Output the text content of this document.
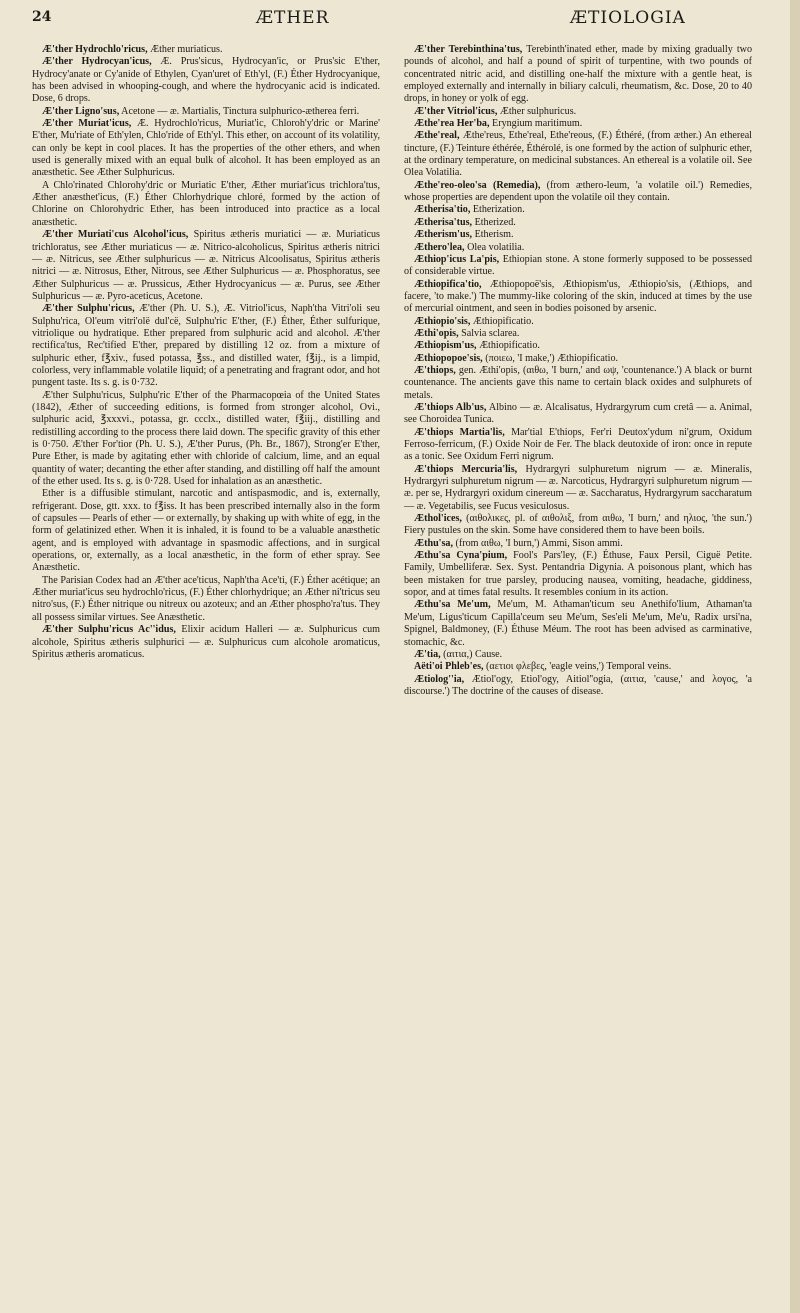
24	ÆTHER	ÆTIOLOGIA

Æ'ther Hydrochlo'ricus, Æther muriaticus.

Æ'ther Hydrocyan'icus, Æ. Prus'sicus, Hydrocyan'ic, or Prus'sic E'ther, Hydrocy'anate or Cy'anide of Ethylen, Cyan'uret of Eth'yl, (F.) Éther Hydrocyanique, has been advised in whooping-cough, and where the hydrocyanic acid is indicated. Dose, 6 drops.

Æ'ther Ligno'sus, Acetone — æ. Martialis, Tinctura sulphurico-ætherea ferri.

Æ'ther Muriat'icus, Æ. Hydrochlo'ricus, Muriat'ic, Chloroh'y'dric or Marine' E'ther, Mu'riate of Eth'ylen, Chlo'ride of Eth'yl. This ether, on account of its volatility, can only be kept in cool places. It has the properties of the other ethers, and when used is generally mixed with an equal bulk of alcohol. It has been employed as an anæsthetic. See Æther Sulphuricus.

A Chlo'rinated Chlorohy'dric or Muriatic E'ther, Æther muriat'icus trichlora'tus, Æther anæsthet'icus, (F.) Éther Chlorhydrique chloré, formed by the action of Chlorine on Chlorohydric Ether, has been introduced into practice as a local anæsthetic.

Æ'ther Muriati'cus Alcohol'icus, Spiritus ætheris muriatici — æ. Muriaticus trichloratus, see Æther muriaticus — æ. Nitrico-alcoholicus, Spiritus ætheris nitrici — æ. Nitricus, see Æther sulphuricus — æ. Nitricus Alcoolisatus, Spiritus ætheris nitrici — æ. Nitrosus, Ether, Nitrous, see Æther Sulphuricus — æ. Phosphoratus, see Æther Sulphuricus — æ. Prussicus, Æther Hydrocyanicus — æ. Purus, see Æther Sulphuricus — æ. Pyro-aceticus, Acetone.

Æ'ther Sulphu'ricus, Æ'ther (Ph. U. S.), Æ. Vitriol'icus, Naph'tha Vitri'oli seu Sulphu'rica, Ol'eum vitri'olë dul'cë, Sulphu'ric E'ther, (F.) Éther, Éther sulfurique, vitriolique ou hydratique. Ether prepared from sulphuric acid and alcohol. Æ'ther rectifica'tus, Rec'tified E'ther, prepared by distilling 12 oz. from a mixture of sulphuric ether, f℥xiv., fused potassa, ℥ss., and distilled water, f℥ij., is a limpid, colorless, very inflammable volatile liquid; of a penetrating and fragrant odor, and hot pungent taste. Its s. g. is 0·732.

Æ'ther Sulphu'ricus, Sulphu'ric E'ther of the Pharmacopœia of the United States (1842), Æther of succeeding editions, is formed from stronger alcohol, Ovi., sulphuric acid, ℥xxxvi., potassa, gr. ccclx., distilled water, f℥iij., distilling and redistilling according to the process there laid down. The specific gravity of this ether is 0·750. Æ'ther For'tior (Ph. U. S.), Æ'ther Purus, (Ph. Br., 1867), Strong'er E'ther, Pure Ether, is made by agitating ether with chloride of calcium, lime, and an equal quantity of water; decanting the ether after standing, and distilling off half the amount of the ether used. Its s. g. is 0·728. Used for inhalation as an anæsthetic.

Ether is a diffusible stimulant, narcotic and antispasmodic, and is, externally, refrigerant. Dose, gtt. xxx. to f℥iss. It has been prescribed internally also in the form of capsules — Pearls of ether — or externally, by shaking up with white of egg, in the form of gelatinized ether. When it is inhaled, it is found to be a valuable anæsthetic agent, and is employed with advantage in spasmodic affections, and in surgical operations, or, externally, as a local anæsthetic, in the form of ether spray. See Anæsthetic.

The Parisian Codex had an Æ'ther ace'ticus, Naph'tha Ace'ti, (F.) Éther acétique; an Æther muriat'icus seu hydrochlo'ricus, (F.) Éther chlorhydrique; an Æther ni'tricus seu nitro'sus, (F.) Éther nitrique ou nitreux ou azoteux; and an Æther phospho'ra'tus. They all possess similar virtues. See Anæsthetic.

Æ'ther Sulphu'ricus Ac''idus, Elixir acidum Halleri — æ. Sulphuricus cum alcohole, Spiritus ætheris sulphurici — æ. Sulphuricus cum alcohole aromaticus, Spiritus ætheris aromaticus.

Æ'ther Terebinthina'tus, Terebinth'inated ether, made by mixing gradually two pounds of alcohol, and half a pound of spirit of turpentine, with two pounds of concentrated nitric acid, and distilling one-half the mixture with a gentle heat, is employed externally and internally in biliary calculi, rheumatism, &c. Dose, 20 to 40 drops, in honey or yolk of egg.

Æ'ther Vitriol'icus, Æther sulphuricus.

Æthe'rea Her'ba, Eryngium maritimum.

Æthe'real, Æthe'reus, Ethe'real, Ethe'reous, (F.) Éthéré, (from æther.) An ethereal tincture, (F.) Teinture éthérée, Éthérolé, is one formed by the action of sulphuric ether, at the ordinary temperature, on medicinal substances. An ethereal is a volatile oil. See Olea Volatilia.

Æthe'reo-oleo'sa (Remedia), (from æthero-leum, 'a volatile oil.') Remedies, whose properties are dependent upon the volatile oil they contain.

Ætherisa'tio, Etherization.

Ætherisa'tus, Etherized.

Ætherism'us, Etherism.

Æthero'lea, Olea volatilia.

Æthiop'icus La'pis, Ethiopian stone. A stone formerly supposed to be possessed of considerable virtue.

Æthiopifica'tio, Æthiopopoë'sis, Æthiopism'us, Æthiopio'sis, (Æthiops, and facere, 'to make.') The mummy-like coloring of the skin, induced at times by the use of mercurial ointment, and seen in bodies poisoned by arsenic.

Æthiopio'sis, Æthiopificatio.

Æthi'opis, Salvia sclarea.

Æthiopism'us, Æthiopificatio.

Æthiopopoe'sis, (ποιεω, 'I make,') Æthiopificatio.

Æ'thiops, gen. Æthi'opis, (αιθω, 'I burn,' and ωψ, 'countenance.') A black or burnt countenance. The ancients gave this name to certain black oxides and sulphurets of metals.

Æ'thiops Alb'us, Albino — æ. Alcalisatus, Hydrargyrum cum cretâ — a. Animal, see Choroidea Tunica.

Æ'thiops Martia'lis, Mar'tial E'thiops, Fer'ri Deutox'ydum ni'grum, Oxidum Ferroso-ferricum, (F.) Oxide Noir de Fer. The black deutoxide of iron: once in repute as a tonic. See Oxidum Ferri nigrum.

Æ'thiops Mercuria'lis, Hydrargyri sulphuretum nigrum — æ. Mineralis, Hydrargyri sulphuretum nigrum — æ. Narcoticus, Hydrargyri sulphuretum nigrum — æ. per se, Hydrargyri oxidum cinereum — æ. Saccharatus, Hydrargyrum saccharatum — æ. Vegetabilis, see Fucus vesiculosus.

Æthol'ices, (αιθολικες, pl. of αιθολιξ, from αιθω, 'I burn,' and ηλιος, 'the sun.') Fiery pustules on the skin. Some have considered them to have been boils.

Æthu'sa, (from αιθω, 'I burn,') Ammi, Sison ammi.

Æthu'sa Cyna'pium, Fool's Pars'ley, (F.) Éthuse, Faux Persil, Ciguë Petite. Family, Umbelliferæ. Sex. Syst. Pentandria Digynia. A poisonous plant, which has been mistaken for true parsley, producing nausea, vomiting, headache, giddiness, sopor, and at times fatal results. It resembles conium in its action.

Æthu'sa Me'um, Me'um, M. Athaman'ticum seu Anethifo'lium, Athaman'ta Me'um, Ligus'ticum Capilla'ceum seu Me'um, Ses'eli Me'um, Me'u, Radix ursi'na, Spignel, Baldmoney, (F.) Éthuse Méum. The root has been advised as carminative, stomachic, &c.

Æ'tia, (αιτια,) Cause.

Aëti'oi Phleb'es, (αετιοι φλεβες, 'eagle veins,') Temporal veins.

Ætiolog''ia, Ætiol'ogy, Etiol'ogy, Aitiol''ogia, (αιτια, 'cause,' and λογος, 'a discourse.') The doctrine of the causes of disease.
